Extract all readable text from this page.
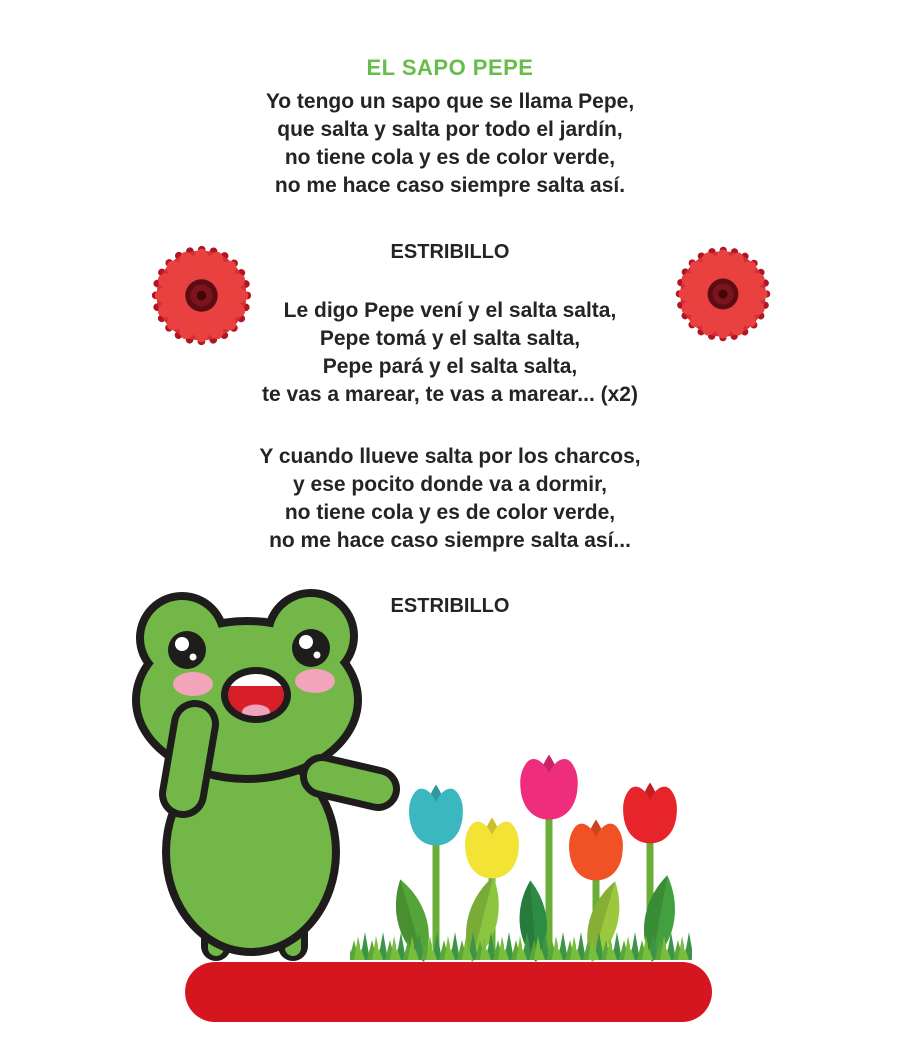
EL SAPO PEPE
Yo tengo un sapo que se llama Pepe,
que salta y salta por todo el jardín,
no tiene cola y es de color verde,
no me hace caso siempre salta así.
ESTRIBILLO
Le digo Pepe vení y el salta salta,
Pepe tomá y el salta salta,
Pepe pará y el salta salta,
te vas a marear, te vas a marear... (x2)
Y cuando llueve salta por los charcos,
y ese pocito donde va a dormir,
no tiene cola y es de color verde,
no me hace caso siempre salta así...
ESTRIBILLO
